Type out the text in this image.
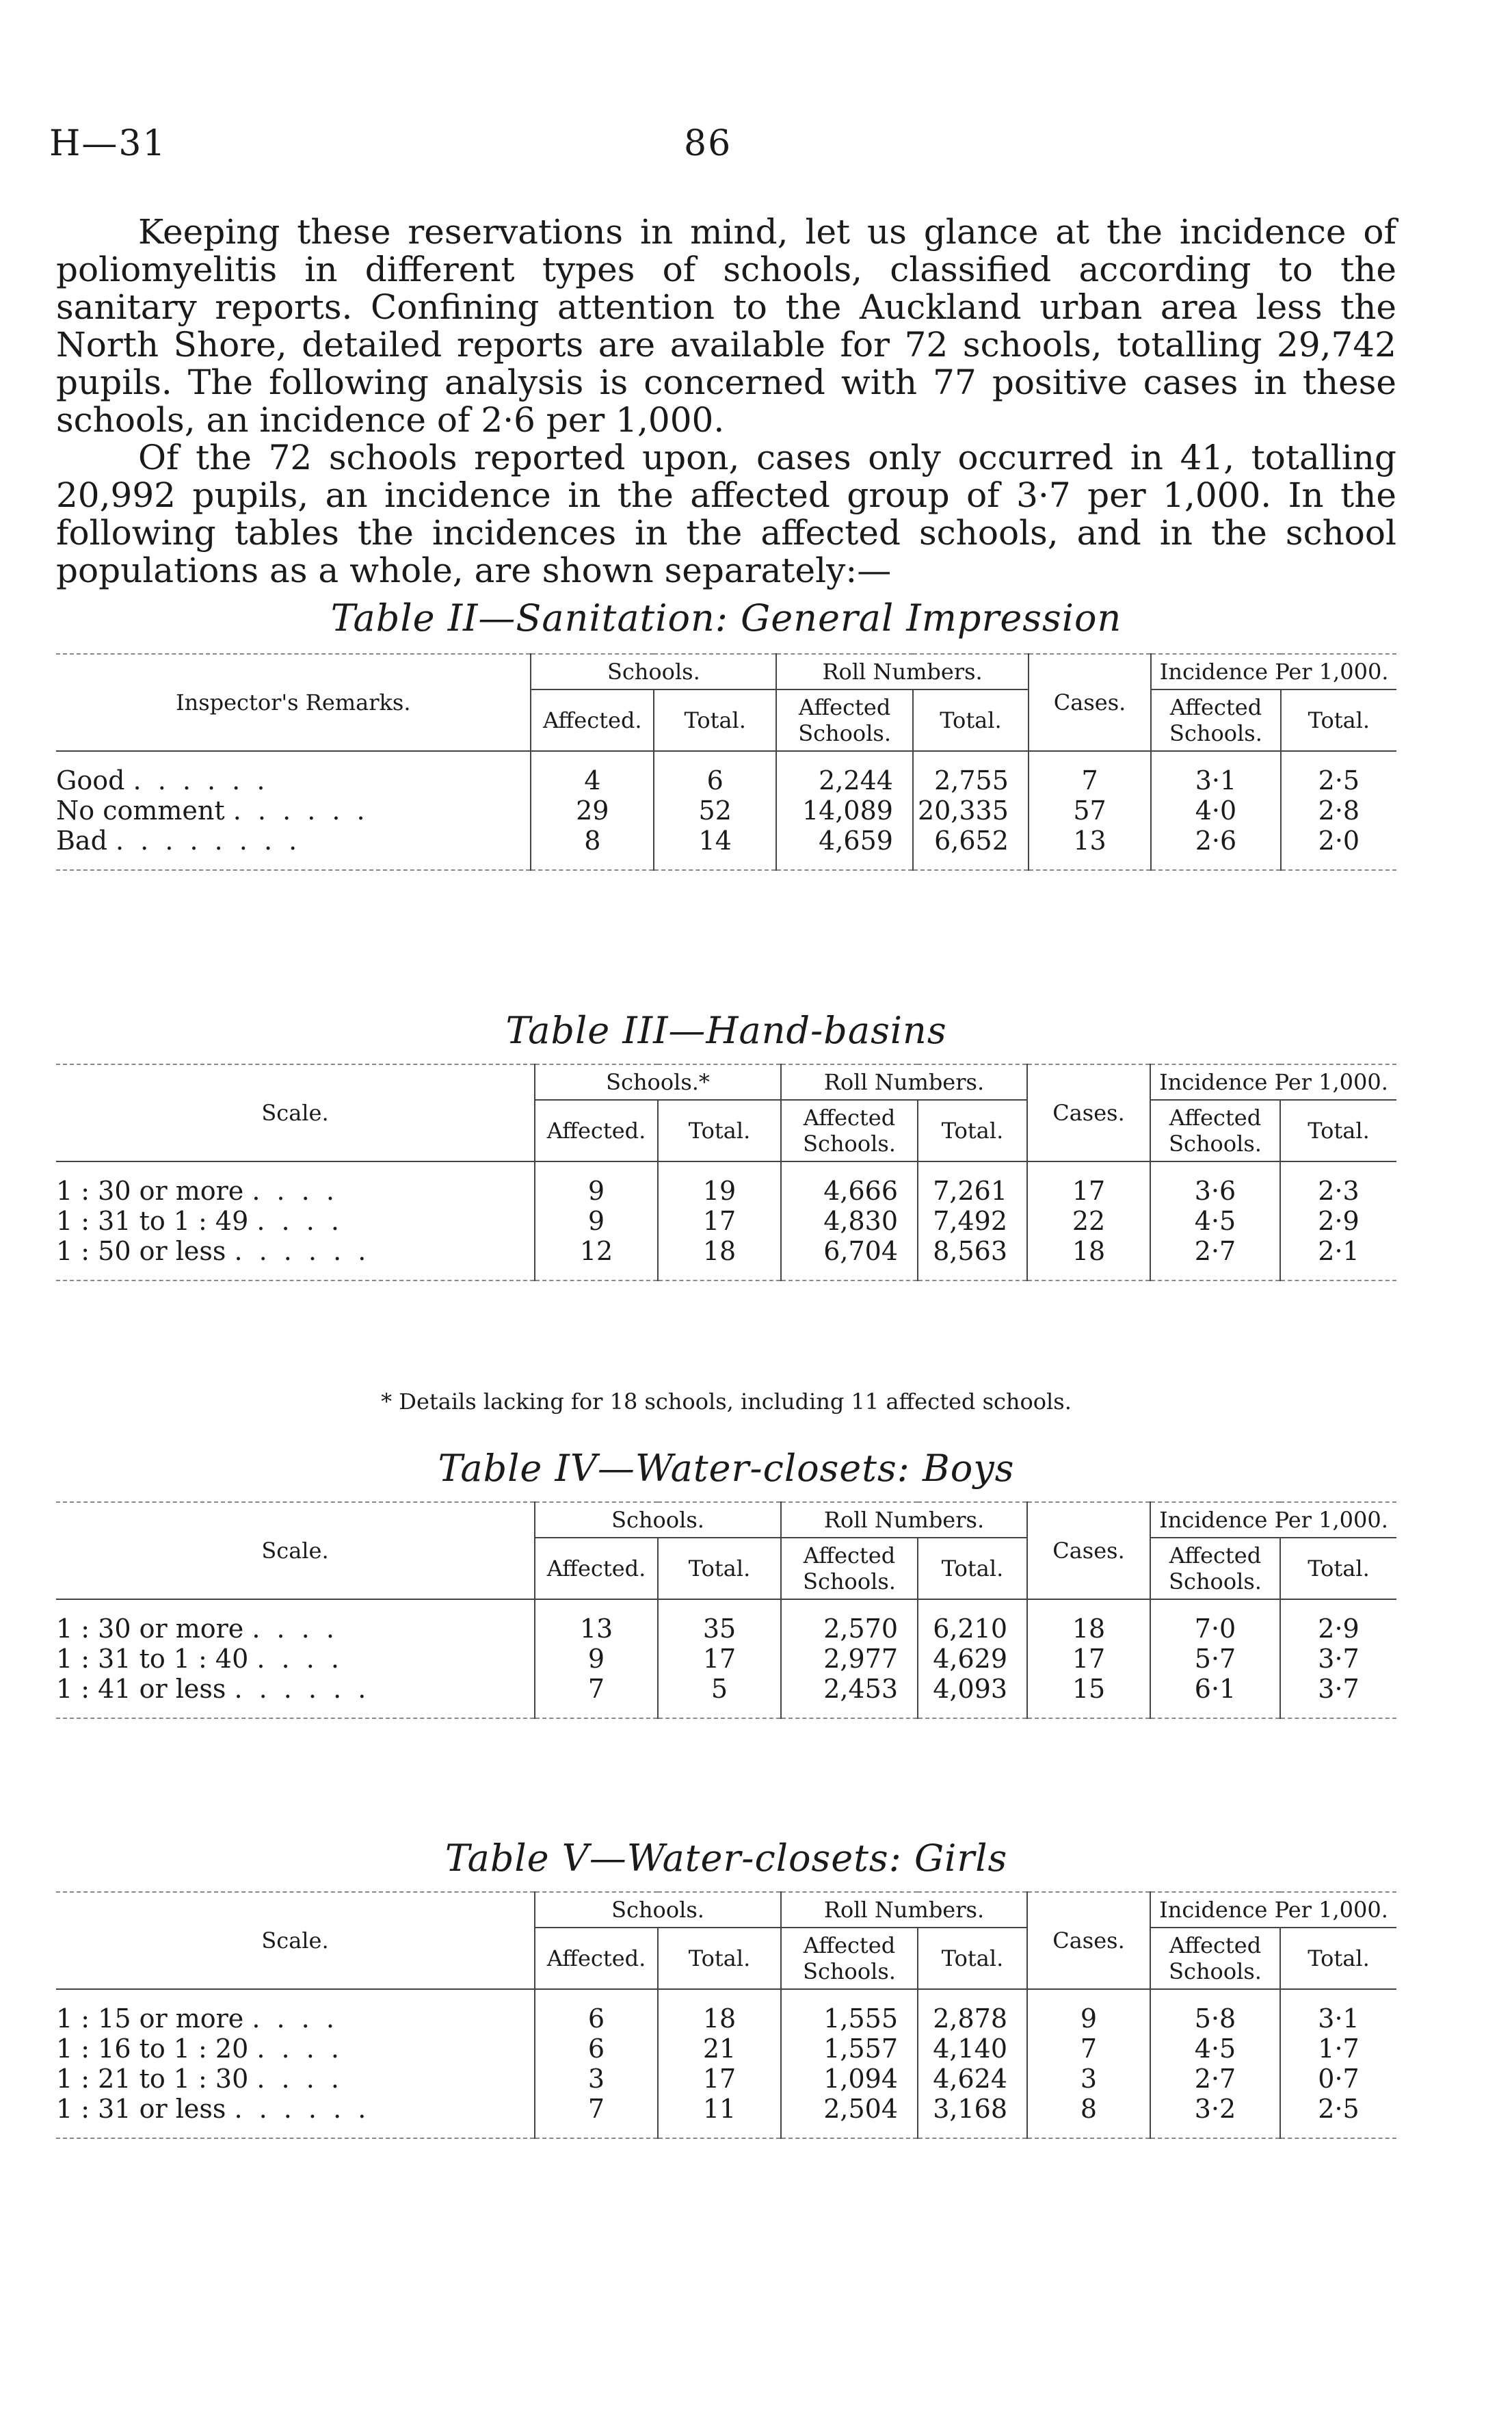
H—31	86

Keeping these reservations in mind, let us glance at the incidence of poliomyelitis in different types of schools, classified according to the sanitary reports. Confining attention to the Auckland urban area less the North Shore, detailed reports are available for 72 schools, totalling 29,742 pupils. The following analysis is concerned with 77 positive cases in these schools, an incidence of 2·6 per 1,000.

Of the 72 schools reported upon, cases only occurred in 41, totalling 20,992 pupils, an incidence in the affected group of 3·7 per 1,000. In the following tables the incidences in the affected schools, and in the school populations as a whole, are shown separately:—

Table II—Sanitation: General Impression
Inspector's Remarks.	Schools.		Roll Numbers.		Cases.	Incidence Per 1,000.	
	Affected.	Total.	Affected Schools.	Total.		Affected Schools.	Total.

Good . . . . . .	4	6	2,244	2,755	7	3·1	2·5
No comment . . . . . .	29	52	14,089	20,335	57	4·0	2·8
Bad . . . . . . . .	8	14	4,659	6,652	13	2·6	2·0

Table III—Hand-basins
Scale.	Schools.*		Roll Numbers.		Cases.	Incidence Per 1,000.	
	Affected.	Total.	Affected Schools.	Total.		Affected Schools.	Total.

1 : 30 or more . . . .	9	19	4,666	7,261	17	3·6	2·3
1 : 31 to 1 : 49 . . . .	9	17	4,830	7,492	22	4·5	2·9
1 : 50 or less . . . . . .	12	18	6,704	8,563	18	2·7	2·1

* Details lacking for 18 schools, including 11 affected schools.
Table IV—Water-closets: Boys
Scale.	Schools.		Roll Numbers.		Cases.	Incidence Per 1,000.	
	Affected.	Total.	Affected Schools.	Total.		Affected Schools.	Total.

1 : 30 or more . . . .	13	35	2,570	6,210	18	7·0	2·9
1 : 31 to 1 : 40 . . . .	9	17	2,977	4,629	17	5·7	3·7
1 : 41 or less . . . . . .	7	5	2,453	4,093	15	6·1	3·7

Table V—Water-closets: Girls
Scale.	Schools.		Roll Numbers.		Cases.	Incidence Per 1,000.	
	Affected.	Total.	Affected Schools.	Total.		Affected Schools.	Total.

1 : 15 or more . . . .	6	18	1,555	2,878	9	5·8	3·1
1 : 16 to 1 : 20 . . . .	6	21	1,557	4,140	7	4·5	1·7
1 : 21 to 1 : 30 . . . .	3	17	1,094	4,624	3	2·7	0·7
1 : 31 or less . . . . . .	7	11	2,504	3,168	8	3·2	2·5
